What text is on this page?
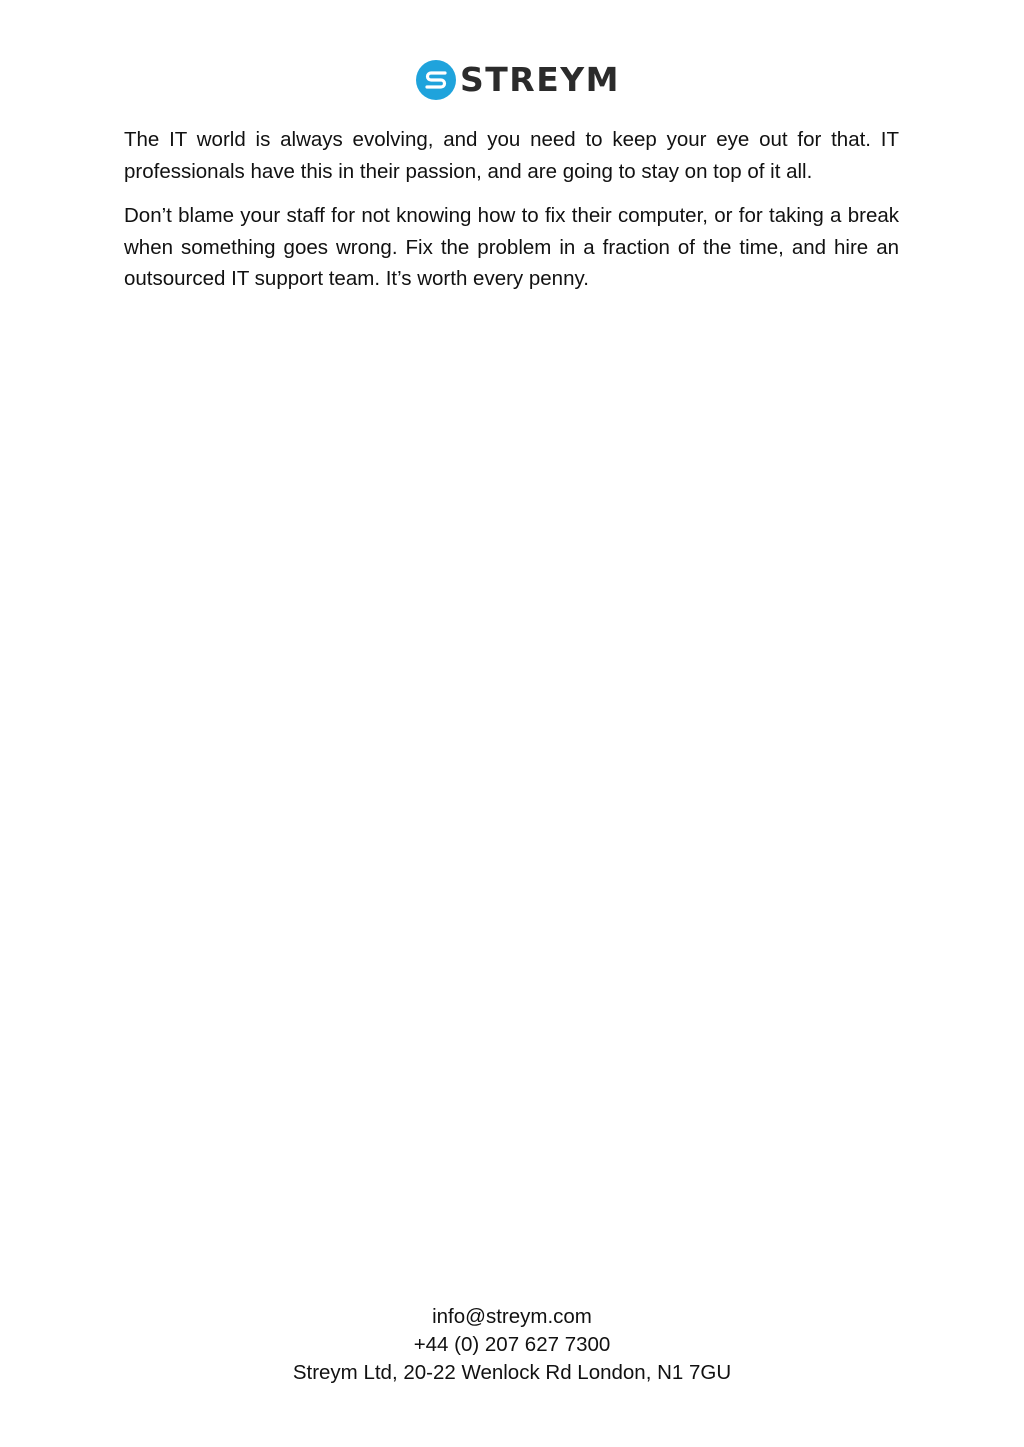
STREYM

The IT world is always evolving, and you need to keep your eye out for that. IT professionals have this in their passion, and are going to stay on top of it all.

Don’t blame your staff for not knowing how to fix their computer, or for taking a break when something goes wrong. Fix the problem in a fraction of the time, and hire an outsourced IT support team. It’s worth every penny.

info@streym.com
+44 (0) 207 627 7300
Streym Ltd, 20-22 Wenlock Rd London, N1 7GU
